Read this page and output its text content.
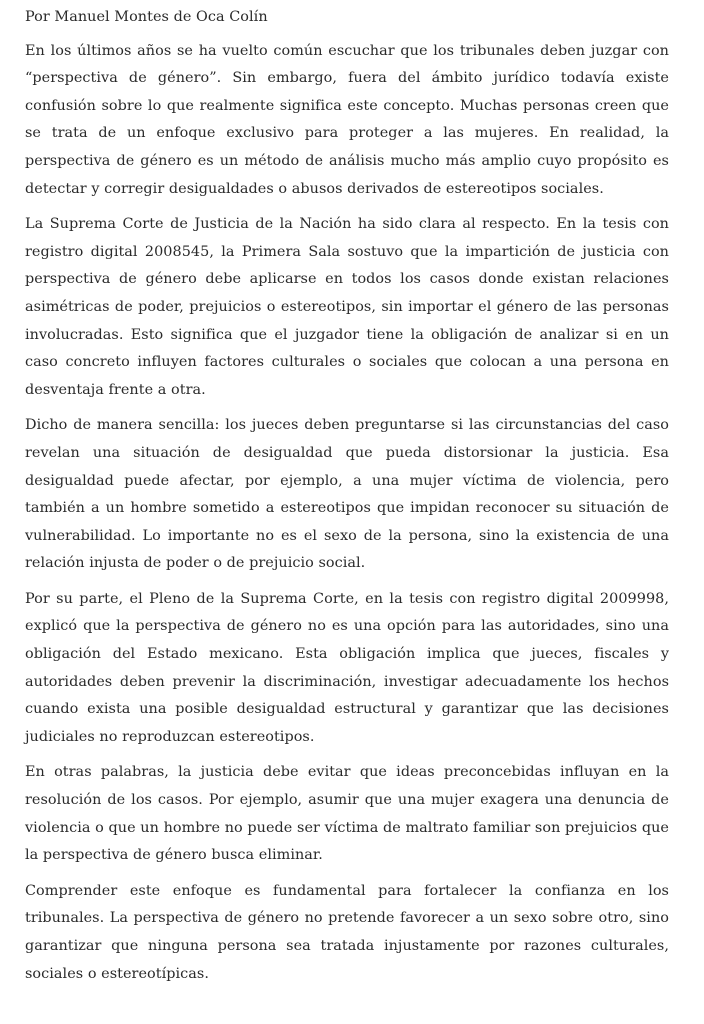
Por Manuel Montes de Oca Colín

En los últimos años se ha vuelto común escuchar que los tribunales deben juzgar con “perspectiva de género”. Sin embargo, fuera del ámbito jurídico todavía existe confusión sobre lo que realmente significa este concepto. Muchas personas creen que se trata de un enfoque exclusivo para proteger a las mujeres. En realidad, la perspectiva de género es un método de análisis mucho más amplio cuyo propósito es detectar y corregir desigualdades o abusos derivados de estereotipos sociales.

La Suprema Corte de Justicia de la Nación ha sido clara al respecto. En la tesis con registro digital 2008545, la Primera Sala sostuvo que la impartición de justicia con perspectiva de género debe aplicarse en todos los casos donde existan relaciones asimétricas de poder, prejuicios o estereotipos, sin importar el género de las personas involucradas. Esto significa que el juzgador tiene la obligación de analizar si en un caso concreto influyen factores culturales o sociales que colocan a una persona en desventaja frente a otra.

Dicho de manera sencilla: los jueces deben preguntarse si las circunstancias del caso revelan una situación de desigualdad que pueda distorsionar la justicia. Esa desigualdad puede afectar, por ejemplo, a una mujer víctima de violencia, pero también a un hombre sometido a estereotipos que impidan reconocer su situación de vulnerabilidad. Lo importante no es el sexo de la persona, sino la existencia de una relación injusta de poder o de prejuicio social.

Por su parte, el Pleno de la Suprema Corte, en la tesis con registro digital 2009998, explicó que la perspectiva de género no es una opción para las autoridades, sino una obligación del Estado mexicano. Esta obligación implica que jueces, fiscales y autoridades deben prevenir la discriminación, investigar adecuadamente los hechos cuando exista una posible desigualdad estructural y garantizar que las decisiones judiciales no reproduzcan estereotipos.

En otras palabras, la justicia debe evitar que ideas preconcebidas influyan en la resolución de los casos. Por ejemplo, asumir que una mujer exagera una denuncia de violencia o que un hombre no puede ser víctima de maltrato familiar son prejuicios que la perspectiva de género busca eliminar.

Comprender este enfoque es fundamental para fortalecer la confianza en los tribunales. La perspectiva de género no pretende favorecer a un sexo sobre otro, sino garantizar que ninguna persona sea tratada injustamente por razones culturales, sociales o estereotípicas.
